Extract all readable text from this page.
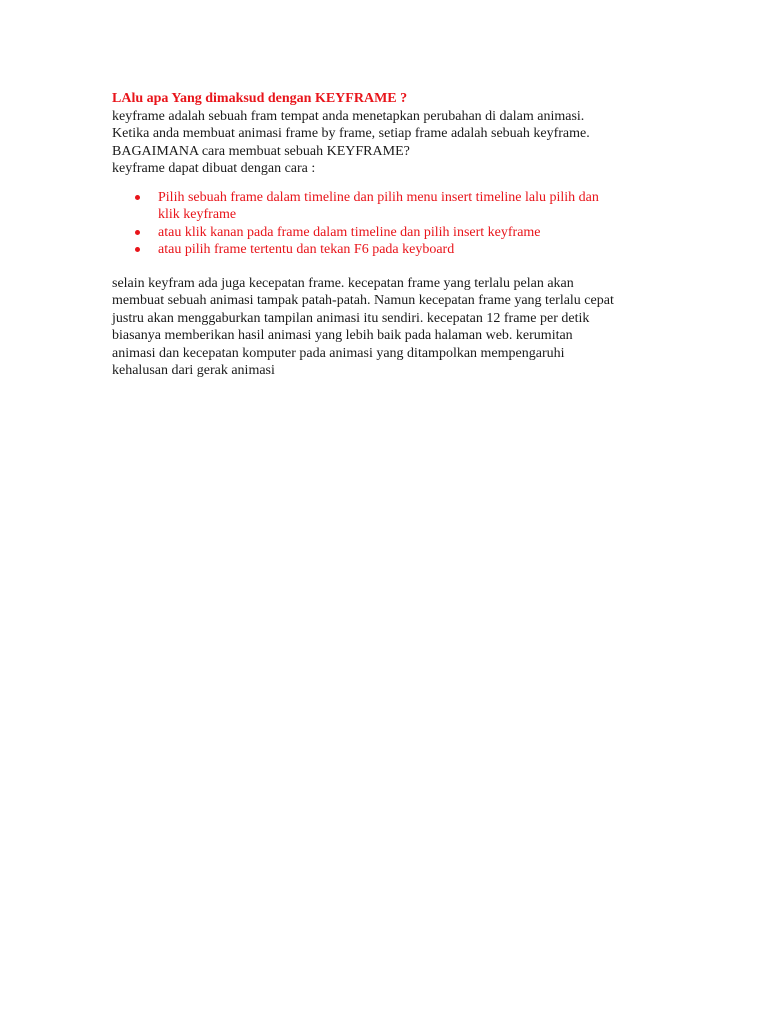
LAlu apa Yang dimaksud dengan KEYFRAME ?
keyframe adalah sebuah fram tempat anda menetapkan perubahan di dalam animasi.
Ketika anda membuat animasi frame by frame, setiap frame adalah sebuah keyframe.
BAGAIMANA cara membuat sebuah KEYFRAME?
keyframe dapat dibuat dengan cara :
Pilih sebuah frame dalam timeline dan pilih menu insert timeline lalu pilih dan
klik keyframe
atau klik kanan pada frame dalam timeline dan pilih insert keyframe
atau pilih frame tertentu dan tekan F6 pada keyboard
selain keyfram ada juga kecepatan frame. kecepatan frame yang terlalu pelan akan
membuat sebuah animasi tampak patah-patah. Namun kecepatan frame yang terlalu cepat
justru akan menggaburkan tampilan animasi itu sendiri. kecepatan 12 frame per detik
biasanya memberikan hasil animasi yang lebih baik pada halaman web. kerumitan
animasi dan kecepatan komputer pada animasi yang ditampolkan mempengaruhi
kehalusan dari gerak animasi
